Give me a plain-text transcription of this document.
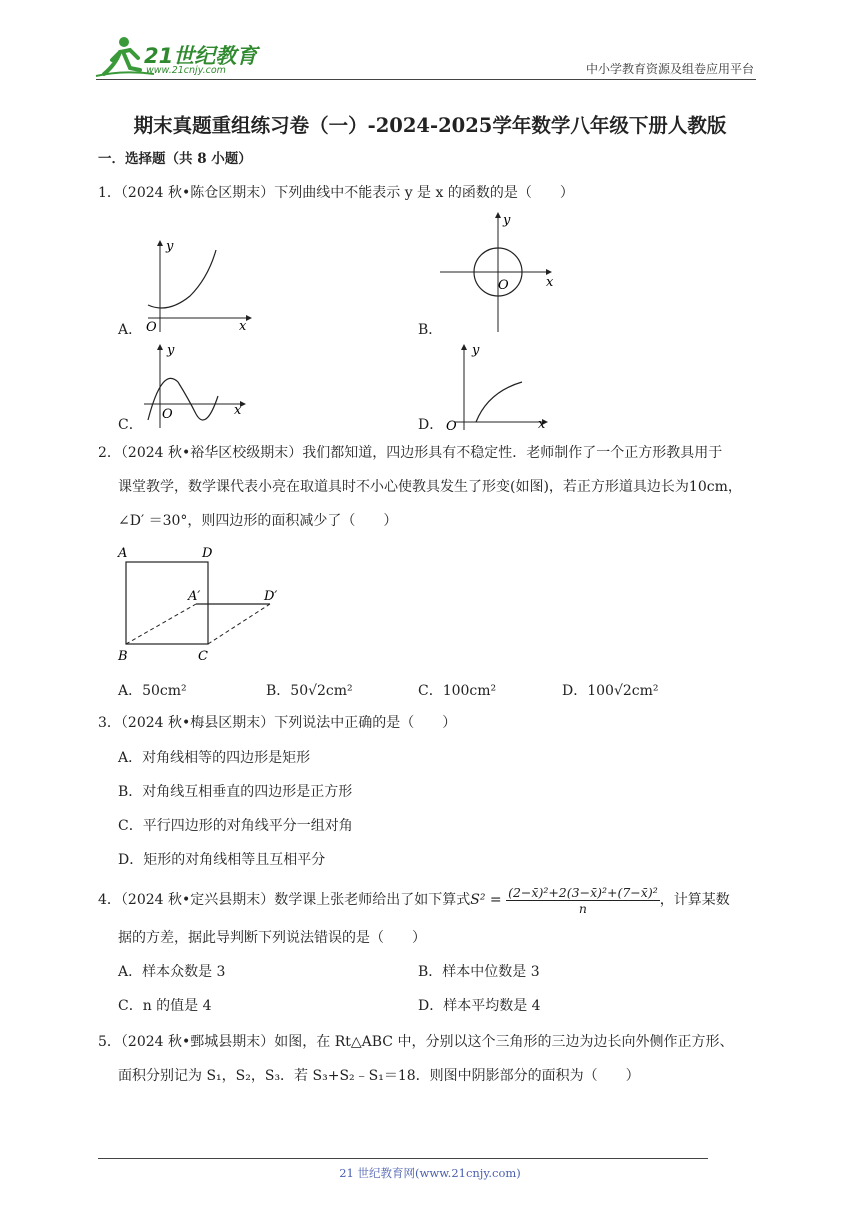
21世纪教育
www.21cnjy.com	中小学教育资源及组卷应用平台
期末真题重组练习卷（一）-2024-2025学年数学八年级下册人教版
一．选择题（共 8 小题）
1．（2024 秋•陈仓区期末）下列曲线中不能表示 y 是 x 的函数的是（　　）
A．
y
O	x	B．
y
O	x
C．
y
O	x
D．
y
O	x
2．（2024 秋•裕华区校级期末）我们都知道，四边形具有不稳定性．老师制作了一个正方形教具用于
课堂教学，数学课代表小亮在取道具时不小心使教具发生了形变(如图)，若正方形道具边长为10cm，
∠D′ ＝30°，则四边形的面积减少了（　　）
A	D
A′	D′
B	C
A．50cm²	B．50√2cm²	C．100cm²	D．100√2cm²
3．（2024 秋•梅县区期末）下列说法中正确的是（　　）
A．对角线相等的四边形是矩形
B．对角线互相垂直的四边形是正方形
C．平行四边形的对角线平分一组对角
D．矩形的对角线相等且互相平分
4．（2024 秋•定兴县期末）数学课上张老师给出了如下算式$S^2 = \frac{\text{(2−x̄)²+2(3−x̄)²+(7−x̄)²}}{n}$ ，计算某数
据的方差，据此导判断下列说法错误的是（　　）
A．样本众数是 3	B．样本中位数是 3
C．n 的值是 4	D．样本平均数是 4
5．（2024 秋•鄄城县期末）如图，在 Rt△ABC 中，分别以这个三角形的三边为边长向外侧作正方形、
面积分别记为 S₁，S₂，S₃．若 S₃+S₂﹣S₁＝18．则图中阴影部分的面积为（　　）
21 世纪教育网(www.21cnjy.com)
